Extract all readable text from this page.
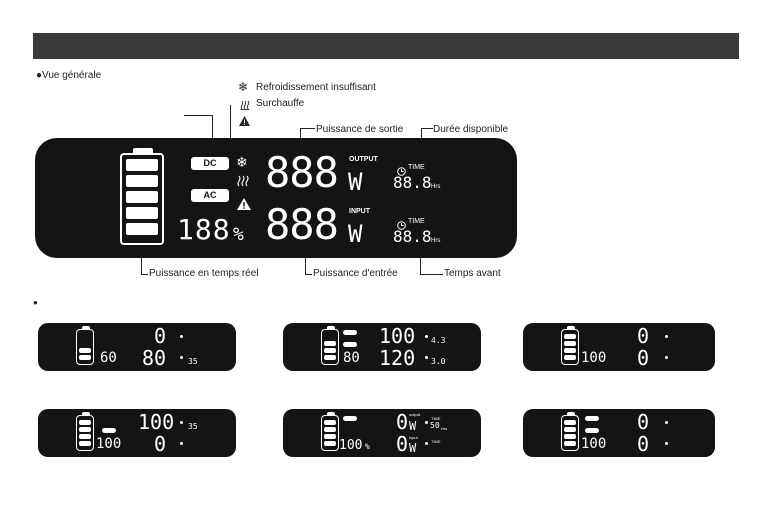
●Vue générale
❄ Refroidissement insuffisant
Surchauffe
Puissance de sortie	Durée disponible
DC
AC
❄
188 %
888 OUTPUT
W
888 INPUT
W
TIME
88.8 Hrs
TIME
88.8 Hrs
Puissance en temps réel	Puissance d'entrée	Temps avant
●
60
0
80	35	80
100
120
4.3
3.0	100
0
0
100
100
0
35
100 %
0 W
output
0 W
input
TIME
50 Hrs
TIME	100
0
0
